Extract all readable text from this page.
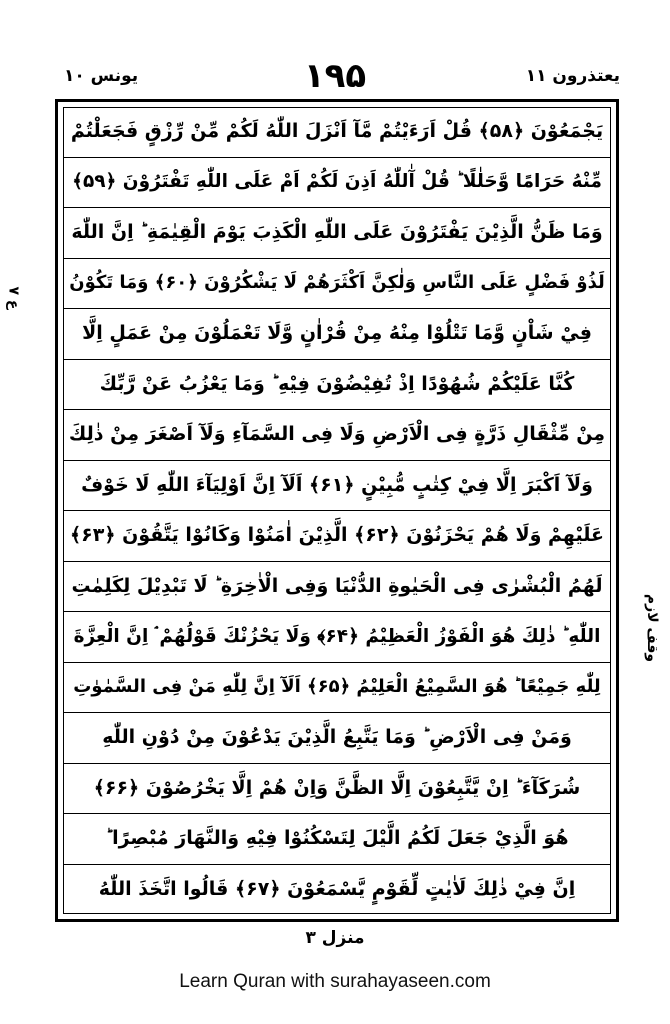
یعتذرون ۱۱
۱۹۵
یونس ۱۰
يَجْمَعُوْنَ ﴿۵۸﴾ قُلْ اَرَءَيْتُمْ مَّآ اَنْزَلَ اللّٰهُ لَكُمْ مِّنْ رِّزْقٍ فَجَعَلْتُمْ
مِّنْهُ حَرَامًا وَّحَلٰلًا ؕ قُلْ آٰللّٰهُ اَذِنَ لَكُمْ اَمْ عَلَى اللّٰهِ تَفْتَرُوْنَ ﴿۵۹﴾
وَمَا ظَنُّ الَّذِيْنَ يَفْتَرُوْنَ عَلَى اللّٰهِ الْكَذِبَ يَوْمَ الْقِيٰمَةِ ؕ اِنَّ اللّٰهَ
لَذُوْ فَضْلٍ عَلَى النَّاسِ وَلٰكِنَّ اَكْثَرَهُمْ لَا يَشْكُرُوْنَ ﴿۶۰﴾ وَمَا تَكُوْنُ
فِيْ شَاْنٍ وَّمَا تَتْلُوْا مِنْهُ مِنْ قُرْاٰنٍ وَّلَا تَعْمَلُوْنَ مِنْ عَمَلٍ اِلَّا
كُنَّا عَلَيْكُمْ شُهُوْدًا اِذْ تُفِيْضُوْنَ فِيْهِ ؕ وَمَا يَعْزُبُ عَنْ رَّبِّكَ
مِنْ مِّثْقَالِ ذَرَّةٍ فِى الْاَرْضِ وَلَا فِى السَّمَآءِ وَلَآ اَصْغَرَ مِنْ ذٰلِكَ
وَلَآ اَكْبَرَ اِلَّا فِيْ كِتٰبٍ مُّبِيْنٍ ﴿۶۱﴾ اَلَآ اِنَّ اَوْلِيَآءَ اللّٰهِ لَا خَوْفٌ
عَلَيْهِمْ وَلَا هُمْ يَحْزَنُوْنَ ﴿۶۲﴾ الَّذِيْنَ اٰمَنُوْا وَكَانُوْا يَتَّقُوْنَ ﴿۶۳﴾
لَهُمُ الْبُشْرٰى فِى الْحَيٰوةِ الدُّنْيَا وَفِى الْاٰخِرَةِ ؕ لَا تَبْدِيْلَ لِكَلِمٰتِ
اللّٰهِ ؕ ذٰلِكَ هُوَ الْفَوْزُ الْعَظِيْمُ ﴿۶۴﴾ وَلَا يَحْزُنْكَ قَوْلُهُمْ ۘ اِنَّ الْعِزَّةَ
لِلّٰهِ جَمِيْعًا ؕ هُوَ السَّمِيْعُ الْعَلِيْمُ ﴿۶۵﴾ اَلَآ اِنَّ لِلّٰهِ مَنْ فِى السَّمٰوٰتِ
وَمَنْ فِى الْاَرْضِ ؕ وَمَا يَتَّبِعُ الَّذِيْنَ يَدْعُوْنَ مِنْ دُوْنِ اللّٰهِ
شُرَكَآءَ ؕ اِنْ يَّتَّبِعُوْنَ اِلَّا الظَّنَّ وَاِنْ هُمْ اِلَّا يَخْرُصُوْنَ ﴿۶۶﴾
هُوَ الَّذِيْ جَعَلَ لَكُمُ الَّيْلَ لِتَسْكُنُوْا فِيْهِ وَالنَّهَارَ مُبْصِرًا ؕ
اِنَّ فِيْ ذٰلِكَ لَاٰيٰتٍ لِّقَوْمٍ يَّسْمَعُوْنَ ﴿۶۷﴾ قَالُوا اتَّخَذَ اللّٰهُ
ع ۷
وقف لازم
منزل ۳
Learn Quran with surahayaseen.com
